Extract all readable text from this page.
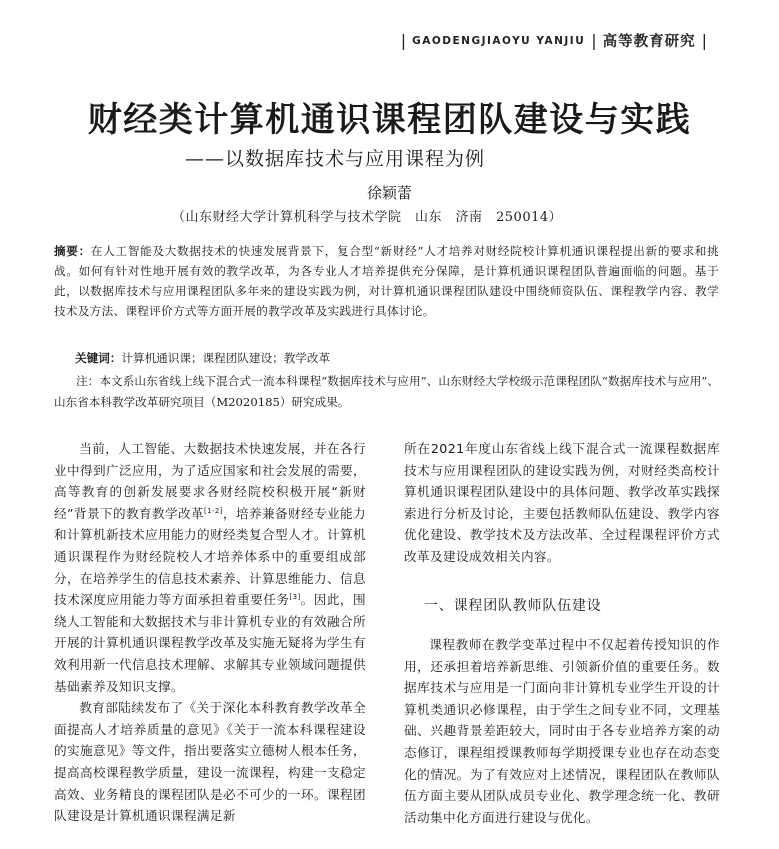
| GAODENGJIAOYU YANJIU | 高等教育研究 |
财经类计算机通识课程团队建设与实践
——以数据库技术与应用课程为例
徐颖蕾
（山东财经大学计算机科学与技术学院　山东　济南　250014）
摘要：在人工智能及大数据技术的快速发展背景下，复合型“新财经”人才培养对财经院校计算机通识课程提出新的要求和挑战。如何有针对性地开展有效的教学改革，为各专业人才培养提供充分保障，是计算机通识课程团队普遍面临的问题。基于此，以数据库技术与应用课程团队多年来的建设实践为例，对计算机通识课程团队建设中围绕师资队伍、课程教学内容、教学技术及方法、课程评价方式等方面开展的教学改革及实践进行具体讨论。
关键词：计算机通识课；课程团队建设；教学改革
注：本文系山东省线上线下混合式一流本科课程“数据库技术与应用”、山东财经大学校级示范课程团队“数据库技术与应用”、山东省本科教学改革研究项目（M2020185）研究成果。

当前，人工智能、大数据技术快速发展，并在各行业中得到广泛应用，为了适应国家和社会发展的需要，高等教育的创新发展要求各财经院校积极开展“新财经”背景下的教育教学改革[1-2]，培养兼备财经专业能力和计算机新技术应用能力的财经类复合型人才。计算机通识课程作为财经院校人才培养体系中的重要组成部分，在培养学生的信息技术素养、计算思维能力、信息技术深度应用能力等方面承担着重要任务[3]。因此，围绕人工智能和大数据技术与非计算机专业的有效融合所开展的计算机通识课程教学改革及实施无疑将为学生有效利用新一代信息技术理解、求解其专业领域问题提供基础素养及知识支撑。

教育部陆续发布了《关于深化本科教育教学改革全面提高人才培养质量的意见》《关于一流本科课程建设的实施意见》等文件，指出要落实立德树人根本任务，提高高校课程教学质量，建设一流课程，构建一支稳定高效、业务精良的课程团队是必不可少的一环。课程团队建设是计算机通识课程满足新

所在2021年度山东省线上线下混合式一流课程数据库技术与应用课程团队的建设实践为例，对财经类高校计算机通识课程团队建设中的具体问题、教学改革实践探索进行分析及讨论，主要包括教师队伍建设、教学内容优化建设、教学技术及方法改革、全过程课程评价方式改革及建设成效相关内容。

一、课程团队教师队伍建设

课程教师在教学变革过程中不仅起着传授知识的作用，还承担着培养新思维、引领新价值的重要任务。数据库技术与应用是一门面向非计算机专业学生开设的计算机类通识必修课程，由于学生之间专业不同，文理基础、兴趣背景差距较大，同时由于各专业培养方案的动态修订，课程组授课教师每学期授课专业也存在动态变化的情况。为了有效应对上述情况，课程团队在教师队伍方面主要从团队成员专业化、教学理念统一化、教研活动集中化方面进行建设与优化。
